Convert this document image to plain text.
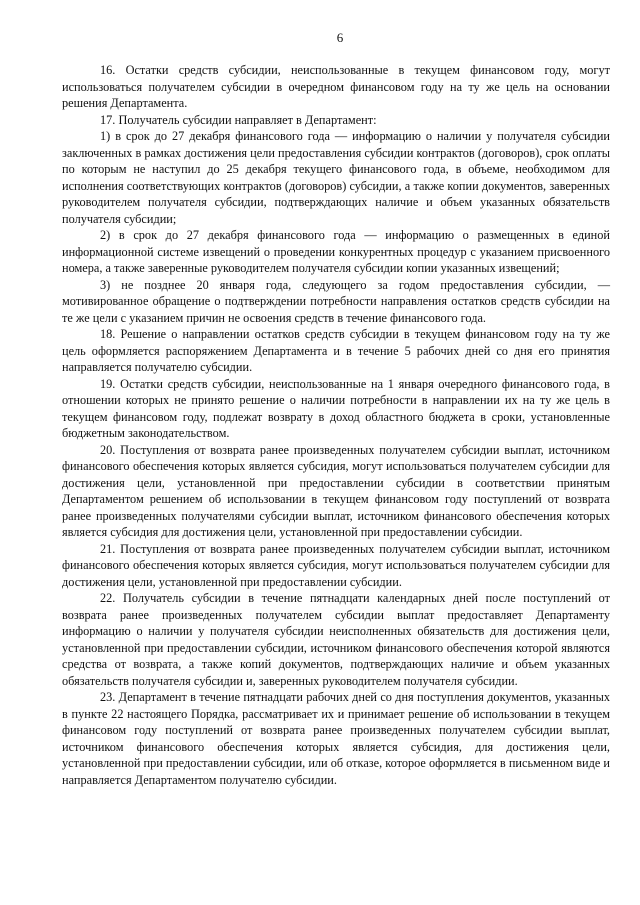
6

16. Остатки средств субсидии, неиспользованные в текущем финансовом году, могут использоваться получателем субсидии в очередном финансовом году на ту же цель на основании решения Департамента.

17. Получатель субсидии направляет в Департамент:

1) в срок до 27 декабря финансового года — информацию о наличии у получателя субсидии заключенных в рамках достижения цели предоставления субсидии контрактов (договоров), срок оплаты по которым не наступил до 25 декабря текущего финансового года, в объеме, необходимом для исполнения соответствующих контрактов (договоров) субсидии, а также копии документов, заверенных руководителем получателя субсидии, подтверждающих наличие и объем указанных обязательств получателя субсидии;

2) в срок до 27 декабря финансового года — информацию о размещенных в единой информационной системе извещений о проведении конкурентных процедур с указанием присвоенного номера, а также заверенные руководителем получателя субсидии копии указанных извещений;

3) не позднее 20 января года, следующего за годом предоставления субсидии, — мотивированное обращение о подтверждении потребности направления остатков средств субсидии на те же цели с указанием причин не освоения средств в течение финансового года.

18. Решение о направлении остатков средств субсидии в текущем финансовом году на ту же цель оформляется распоряжением Департамента и в течение 5 рабочих дней со дня его принятия направляется получателю субсидии.

19. Остатки средств субсидии, неиспользованные на 1 января очередного финансового года, в отношении которых не принято решение о наличии потребности в направлении их на ту же цель в текущем финансовом году, подлежат возврату в доход областного бюджета в сроки, установленные бюджетным законодательством.

20. Поступления от возврата ранее произведенных получателем субсидии выплат, источником финансового обеспечения которых является субсидия, могут использоваться получателем субсидии для достижения цели, установленной при предоставлении субсидии в соответствии принятым Департаментом решением об использовании в текущем финансовом году поступлений от возврата ранее произведенных получателями субсидии выплат, источником финансового обеспечения которых является субсидия для достижения цели, установленной при предоставлении субсидии.

21. Поступления от возврата ранее произведенных получателем субсидии выплат, источником финансового обеспечения которых является субсидия, могут использоваться получателем субсидии для достижения цели, установленной при предоставлении субсидии.

22. Получатель субсидии в течение пятнадцати календарных дней после поступлений от возврата ранее произведенных получателем субсидии выплат предоставляет Департаменту информацию о наличии у получателя субсидии неисполненных обязательств для достижения цели, установленной при предоставлении субсидии, источником финансового обеспечения которой являются средства от возврата, а также копий документов, подтверждающих наличие и объем указанных обязательств получателя субсидии и, заверенных руководителем получателя субсидии.

23. Департамент в течение пятнадцати рабочих дней со дня поступления документов, указанных в пункте 22 настоящего Порядка, рассматривает их и принимает решение об использовании в текущем финансовом году поступлений от возврата ранее произведенных получателем субсидии выплат, источником финансового обеспечения которых является субсидия, для достижения цели, установленной при предоставлении субсидии, или об отказе, которое оформляется в письменном виде и направляется Департаментом получателю субсидии.
